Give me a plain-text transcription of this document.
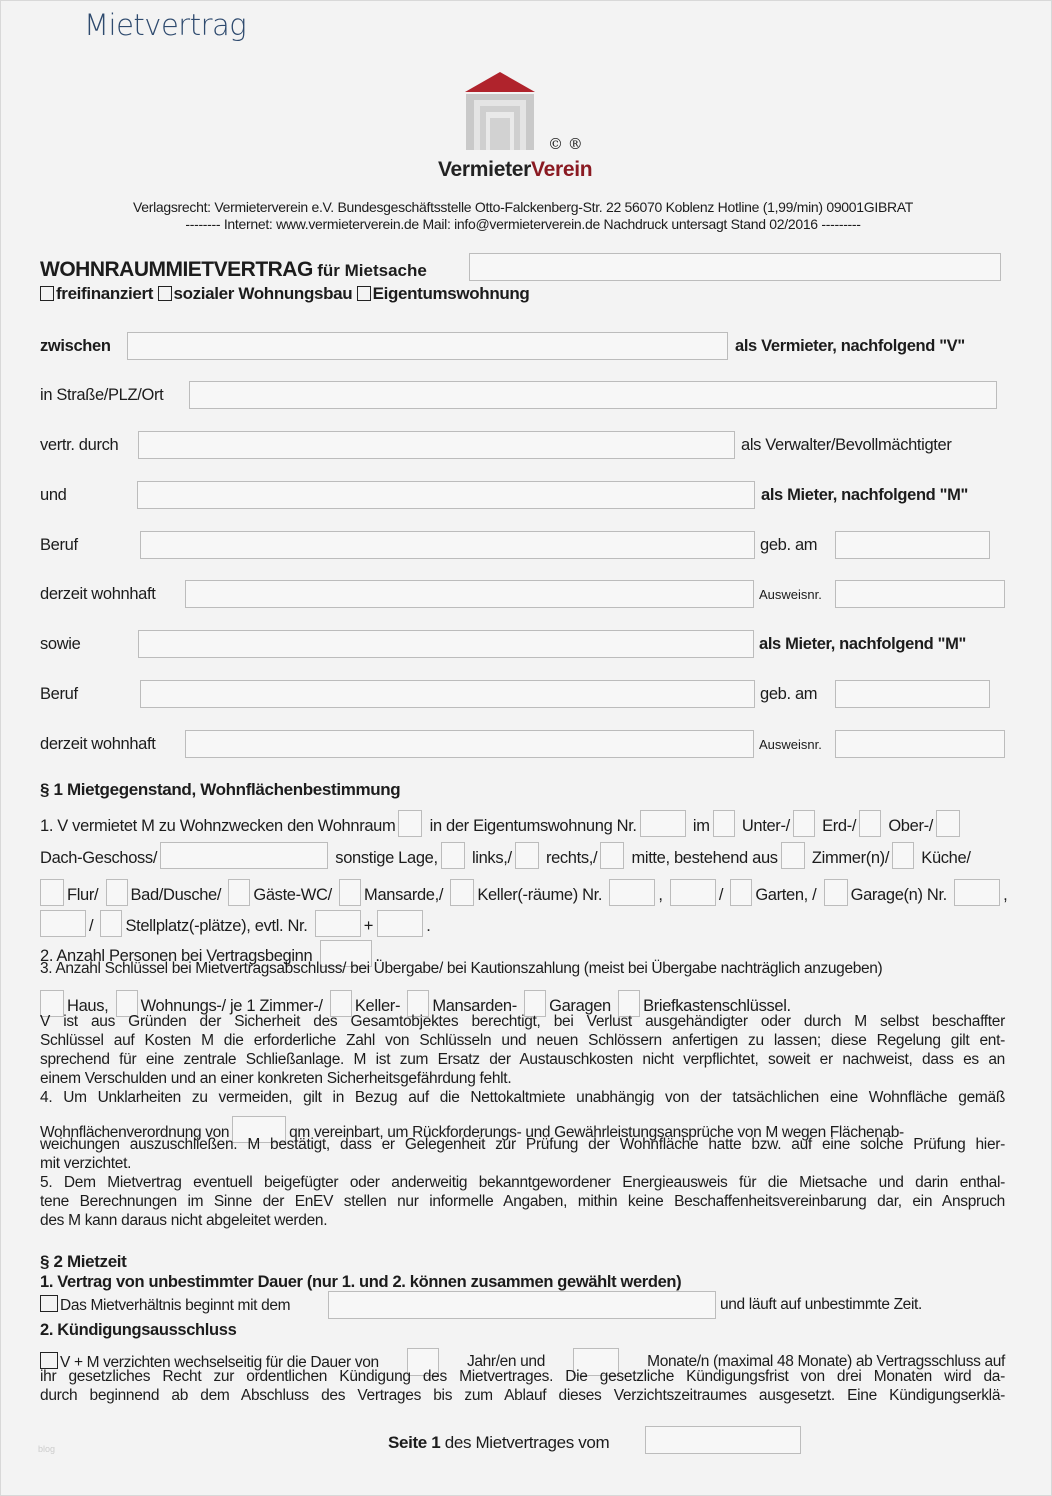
Mietvertrag
© ®
VermieterVerein
Verlagsrecht: Vermieterverein e.V. Bundesgeschäftsstelle Otto-Falckenberg-Str. 22 56070 Koblenz Hotline (1,99/min) 09001GIBRAT
-------- Internet: www.vermieterverein.de Mail: info@vermieterverein.de Nachdruck untersagt Stand 02/2016 ---------
WOHNRAUMMIETVERTRAG für Mietsache
freifinanziert sozialer Wohnungsbau Eigentumswohnung
zwischen	als Vermieter, nachfolgend "V"
in Straße/PLZ/Ort
vertr. durch	als Verwalter/Bevollmächtigter
und	als Mieter, nachfolgend "M"
Beruf	geb. am
derzeit wohnhaft	Ausweisnr.
sowie	als Mieter, nachfolgend "M"
Beruf	geb. am
derzeit wohnhaft	Ausweisnr.
§ 1 Mietgegenstand, Wohnflächenbestimmung
1. V vermietet M zu Wohnzwecken den Wohnraum in der Eigentumswohnung Nr.	im Unter-/ Erd-/ Ober-/
Dach-Geschoss/	sonstige Lage, links,/ rechts,/ mitte, bestehend aus Zimmer(n)/ Küche/
Flur/ Bad/Dusche/ Gäste-WC/ Mansarde,/ Keller(-räume) Nr.	,	/ Garten, / Garage(n) Nr.	,
/ Stellplatz(-plätze), evtl. Nr.	+	.
2. Anzahl Personen bei Vertragsbeginn	.
3. Anzahl Schlüssel bei Mietvertragsabschluss/ bei Übergabe/ bei Kautionszahlung (meist bei Übergabe nachträglich anzugeben)
Haus, Wohnungs-/ je 1 Zimmer-/ Keller- Mansarden- Garagen Briefkastenschlüssel.
V ist aus Gründen der Sicherheit des Gesamtobjektes berechtigt, bei Verlust ausgehändigter oder durch M selbst beschaffter
Schlüssel auf Kosten M die erforderliche Zahl von Schlüsseln und neuen Schlössern anfertigen zu lassen; diese Regelung gilt ent-
sprechend für eine zentrale Schließanlage. M ist zum Ersatz der Austauschkosten nicht verpflichtet, soweit er nachweist, dass es an
einem Verschulden und an einer konkreten Sicherheitsgefährdung fehlt.
4. Um Unklarheiten zu vermeiden, gilt in Bezug auf die Nettokaltmiete unabhängig von der tatsächlichen eine Wohnfläche gemäß
Wohnflächenverordnung von	qm vereinbart, um Rückforderungs- und Gewährleistungsansprüche von M wegen Flächenab-
weichungen auszuschließen. M bestätigt, dass er Gelegenheit zur Prüfung der Wohnfläche hatte bzw. auf eine solche Prüfung hier-
mit verzichtet.
5. Dem Mietvertrag eventuell beigefügter oder anderweitig bekanntgewordener Energieausweis für die Mietsache und darin enthal-
tene Berechnungen im Sinne der EnEV stellen nur informelle Angaben, mithin keine Beschaffenheitsvereinbarung dar, ein Anspruch
des M kann daraus nicht abgeleitet werden.
§ 2 Mietzeit
1. Vertrag von unbestimmter Dauer (nur 1. und 2. können zusammen gewählt werden)
Das Mietverhältnis beginnt mit dem	und läuft auf unbestimmte Zeit.
2. Kündigungsausschluss
V + M verzichten wechselseitig für die Dauer von	Jahr/en und	Monate/n (maximal 48 Monate) ab Vertragsschluss auf
ihr gesetzliches Recht zur ordentlichen Kündigung des Mietvertrages. Die gesetzliche Kündigungsfrist von drei Monaten wird da-
durch beginnend ab dem Abschluss des Vertrages bis zum Ablauf dieses Verzichtszeitraumes ausgesetzt. Eine Kündigungserklä-
Seite 1 des Mietvertrages vom
blog
